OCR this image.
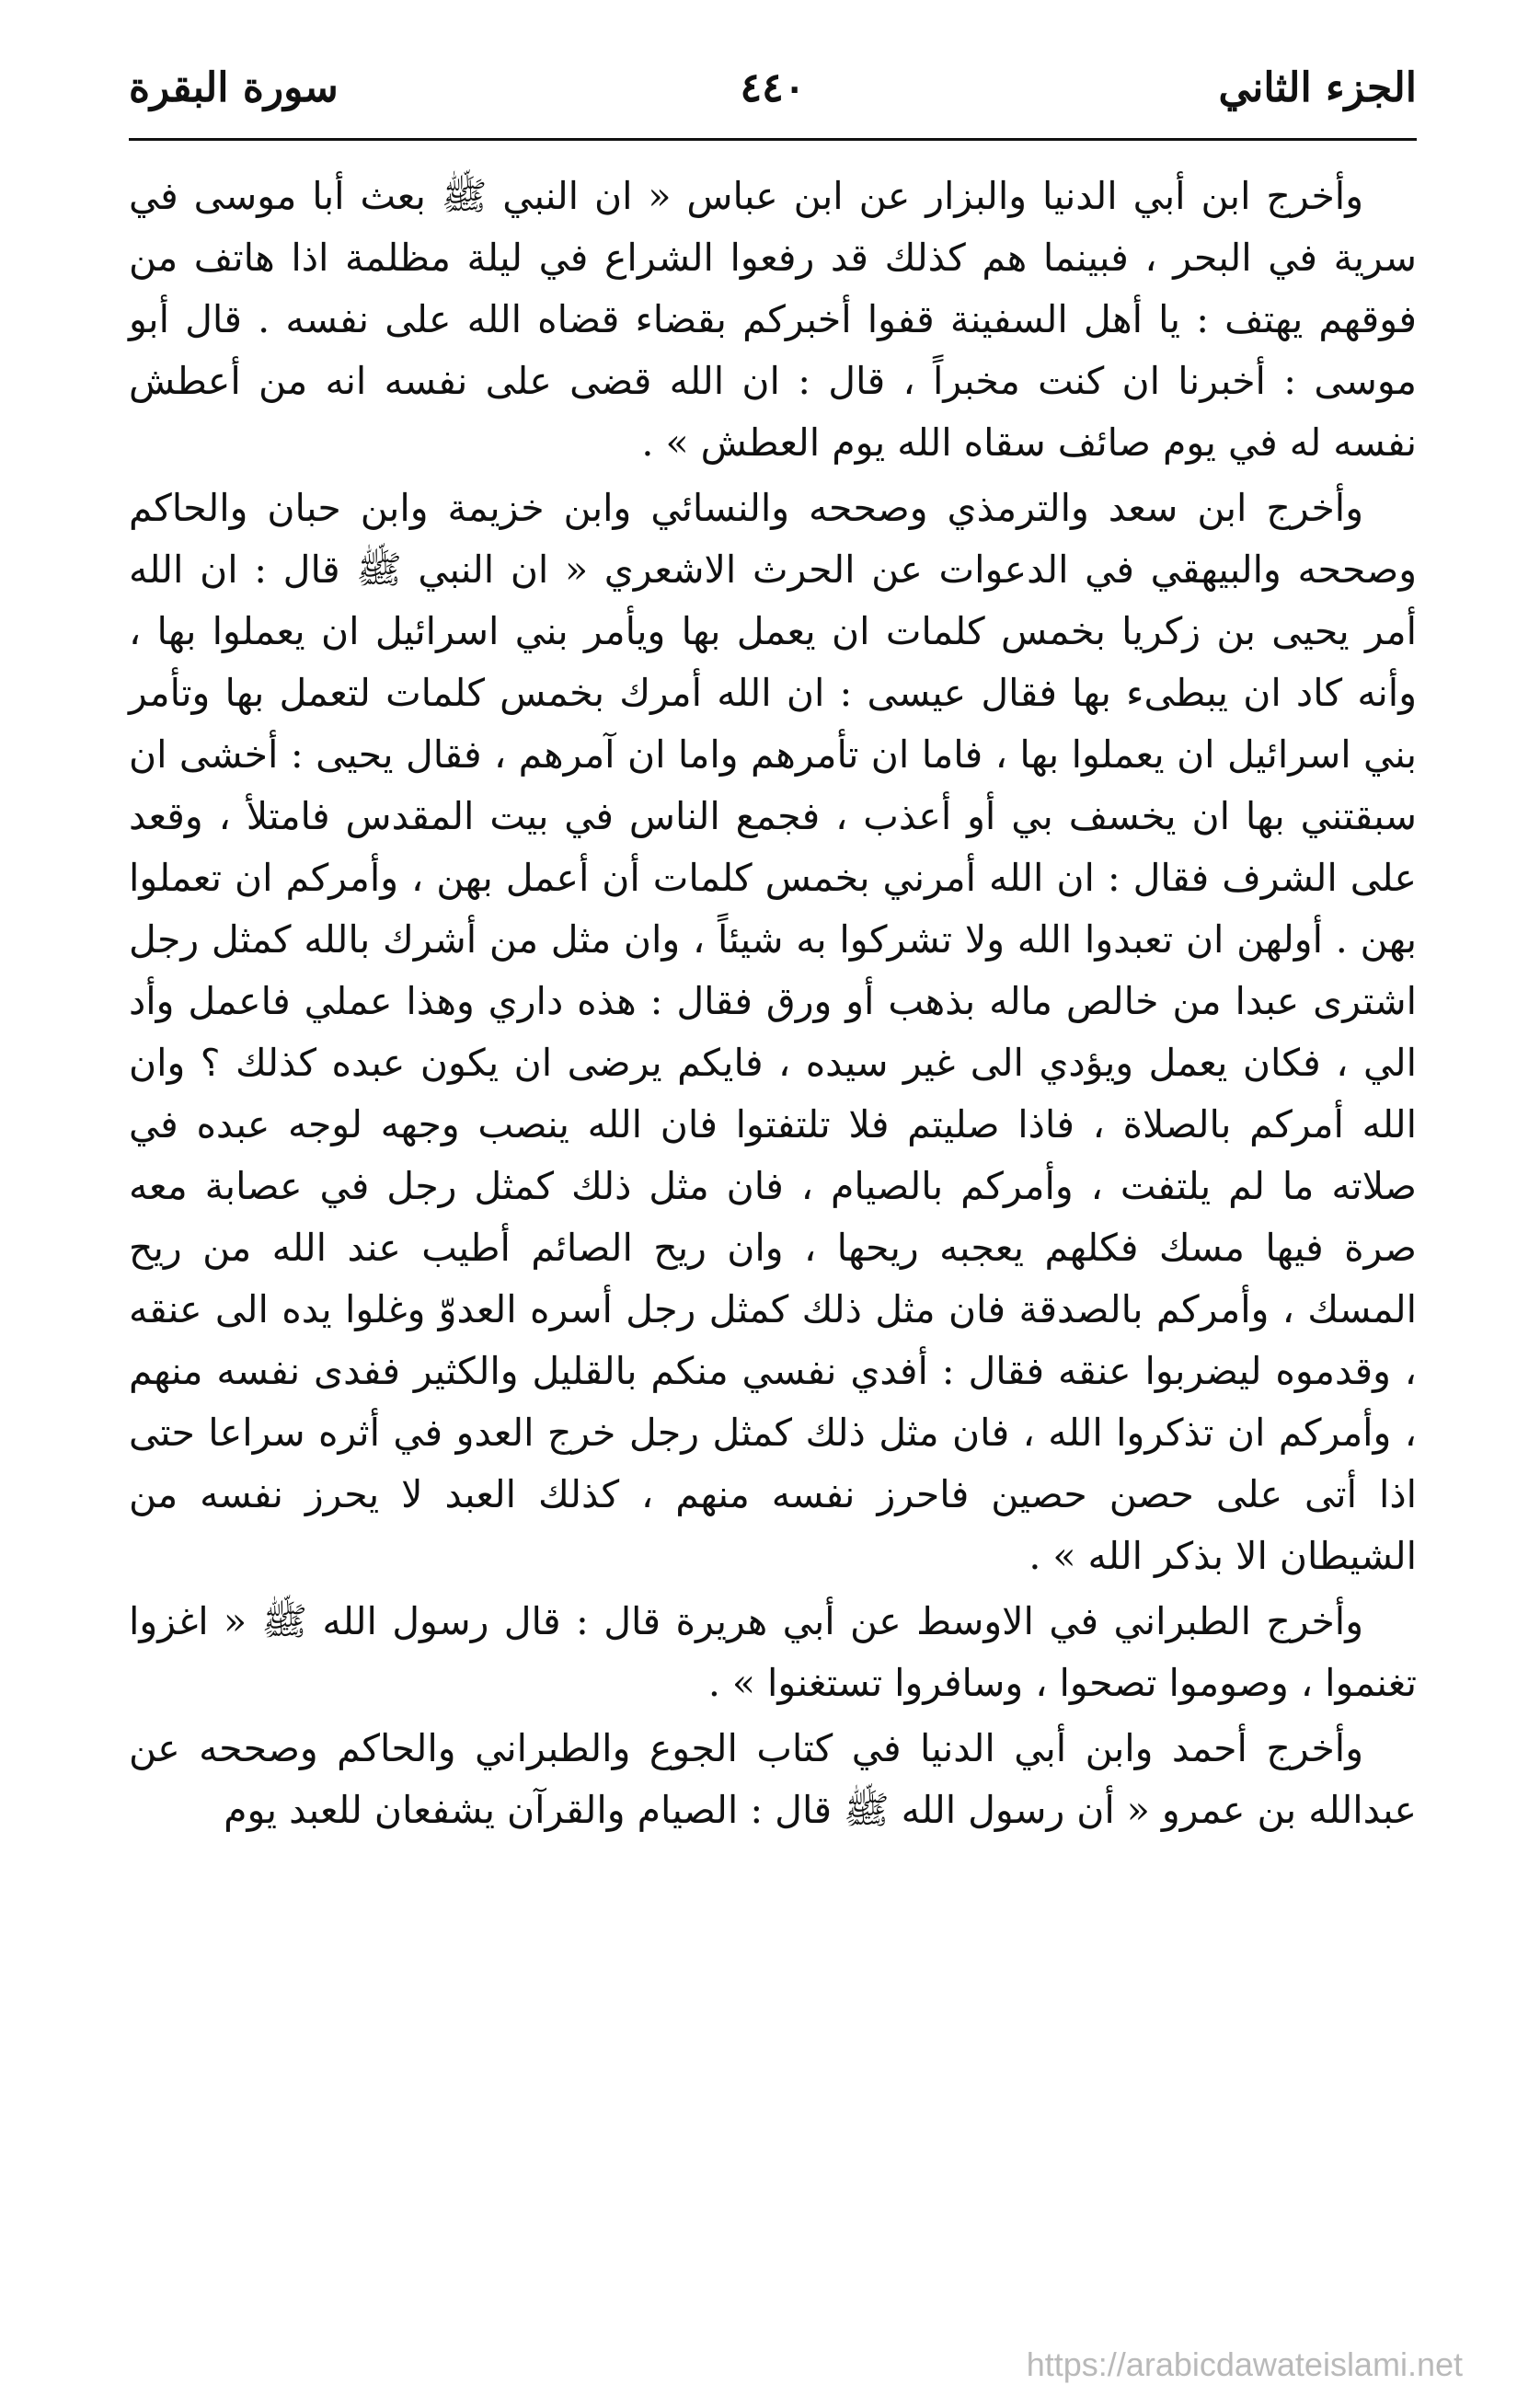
الجزء الثاني
٤٤٠
سورة البقرة

وأخرج ابن أبي الدنيا والبزار عن ابن عباس « ان النبي ﷺ بعث أبا موسى في سرية في البحر ، فبينما هم كذلك قد رفعوا الشراع في ليلة مظلمة اذا هاتف من فوقهم يهتف : يا أهل السفينة قفوا أخبركم بقضاء قضاه الله على نفسه . قال أبو موسى : أخبرنا ان كنت مخبراً ، قال : ان الله قضى على نفسه انه من أعطش نفسه له في يوم صائف سقاه الله يوم العطش » .

وأخرج ابن سعد والترمذي وصححه والنسائي وابن خزيمة وابن حبان والحاكم وصححه والبيهقي في الدعوات عن الحرث الاشعري « ان النبي ﷺ قال : ان الله أمر يحيى بن زكريا بخمس كلمات ان يعمل بها ويأمر بني اسرائيل ان يعملوا بها ، وأنه كاد ان يبطىء بها فقال عيسى : ان الله أمرك بخمس كلمات لتعمل بها وتأمر بني اسرائيل ان يعملوا بها ، فاما ان تأمرهم واما ان آمرهم ، فقال يحيى : أخشى ان سبقتني بها ان يخسف بي أو أعذب ، فجمع الناس في بيت المقدس فامتلأ ، وقعد على الشرف فقال : ان الله أمرني بخمس كلمات أن أعمل بهن ، وأمركم ان تعملوا بهن . أولهن ان تعبدوا الله ولا تشركوا به شيئاً ، وان مثل من أشرك بالله كمثل رجل اشترى عبدا من خالص ماله بذهب أو ورق فقال : هذه داري وهذا عملي فاعمل وأد الي ، فكان يعمل ويؤدي الى غير سيده ، فايكم يرضى ان يكون عبده كذلك ؟ وان الله أمركم بالصلاة ، فاذا صليتم فلا تلتفتوا فان الله ينصب وجهه لوجه عبده في صلاته ما لم يلتفت ، وأمركم بالصيام ، فان مثل ذلك كمثل رجل في عصابة معه صرة فيها مسك فكلهم يعجبه ريحها ، وان ريح الصائم أطيب عند الله من ريح المسك ، وأمركم بالصدقة فان مثل ذلك كمثل رجل أسره العدوّ وغلوا يده الى عنقه ، وقدموه ليضربوا عنقه فقال : أفدي نفسي منكم بالقليل والكثير ففدى نفسه منهم ، وأمركم ان تذكروا الله ، فان مثل ذلك كمثل رجل خرج العدو في أثره سراعا حتى اذا أتى على حصن حصين فاحرز نفسه منهم ، كذلك العبد لا يحرز نفسه من الشيطان الا بذكر الله » .

وأخرج الطبراني في الاوسط عن أبي هريرة قال : قال رسول الله ﷺ « اغزوا تغنموا ، وصوموا تصحوا ، وسافروا تستغنوا » .

وأخرج أحمد وابن أبي الدنيا في كتاب الجوع والطبراني والحاكم وصححه عن عبدالله بن عمرو « أن رسول الله ﷺ قال : الصيام والقرآن يشفعان للعبد يوم

https://arabicdawateislami.net
